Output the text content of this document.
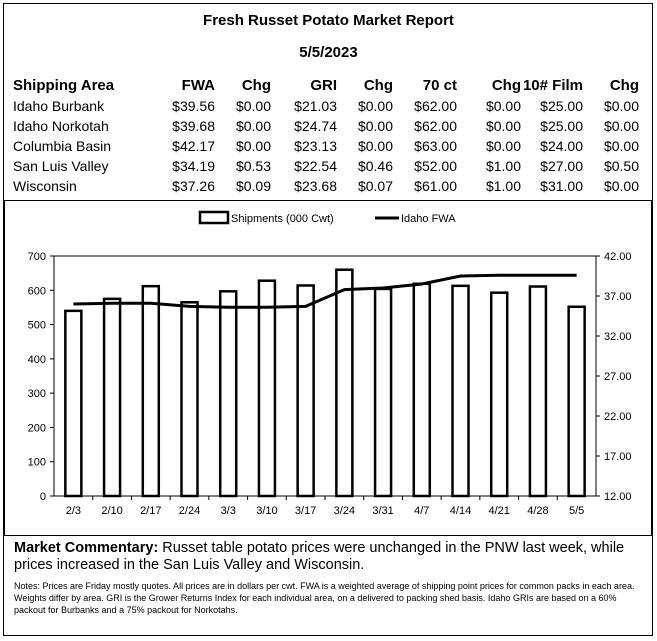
Fresh Russet Potato Market Report
5/5/2023
Shipping Area	FWA	Chg	GRI	Chg	70 ct	Chg	10# Film	Chg
Idaho Burbank	$39.56	$0.00	$21.03	$0.00	$62.00	$0.00	$25.00	$0.00
Idaho Norkotah	$39.68	$0.00	$24.74	$0.00	$62.00	$0.00	$25.00	$0.00
Columbia Basin	$42.17	$0.00	$23.13	$0.00	$63.00	$0.00	$24.00	$0.00
San Luis Valley	$34.19	$0.53	$22.54	$0.46	$52.00	$1.00	$27.00	$0.50
Wisconsin	$37.26	$0.09	$23.68	$0.07	$61.00	$1.00	$31.00	$0.00
0
100
200
300
400
500
600
700
12.00
17.00
22.00
27.00
32.00
37.00
42.00
2/3 2/10 2/17 2/24 3/3 3/10 3/17 3/24 3/31 4/7 4/14 4/21 4/28 5/5
Shipments (000 Cwt)	Idaho FWA
Market Commentary: Russet table potato prices were unchanged in the PNW last week, while prices increased in the San Luis Valley and Wisconsin.
Notes: Prices are Friday mostly quotes. All prices are in dollars per cwt. FWA is a weighted average of shipping point prices for common packs in each area. Weights differ by area. GRI is the Grower Returns Index for each individual area, on a delivered to packing shed basis. Idaho GRIs are based on a 60% packout for Burbanks and a 75% packout for Norkotahs.
